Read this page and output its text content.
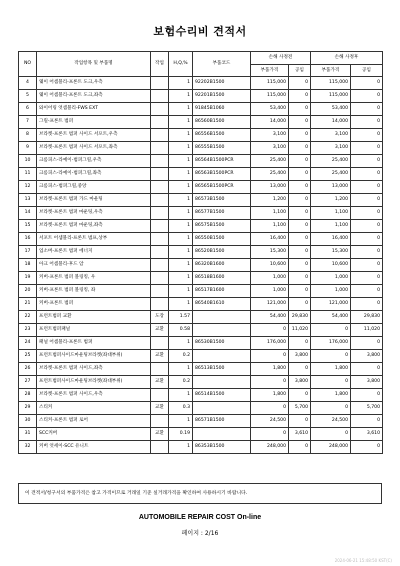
보험수리비 견적서
NO	작업항목 및 부품명	작업	H,Q,%	부품코드	손해 사정전		손해 사정후	
					부품가격	공임	부품가격	공임
4	웨이 어셈블리-프론트 도크,우측		1	92202B1500	115,000	0	115,000	0
5	웨이 어셈블리-프론트 도크,좌측		1	92201B1500	115,000	0	115,000	0
6	와이어링 엇셈블리-FWS EXT		1	91845B1060	53,400	0	53,400	0
7	그릴-프론트 범퍼		1	86560B1500	14,000	0	14,000	0
8	브라켓-프론트 범퍼 사이드 서포트,우측		1	86556B1500	3,100	0	3,100	0
9	브라켓-프론트 범퍼 사이드 서포트,좌측		1	86555B1500	3,100	0	3,100	0
10	크롬피스-라예이-범퍼그릴,우측		1	86564B1500PCR	25,400	0	25,400	0
11	크롬피스-라예이-범퍼그릴,좌측		1	86563B1500PCR	25,400	0	25,400	0
12	크롬피스-범퍼그릴,중앙		1	86565B1500PCR	13,000	0	13,000	0
13	브라켓-프론트 범퍼 가드 마운팅		1	86573B1500	1,200	0	1,200	0
14	브라켓-프론트 범퍼 마운팅,우측		1	86577B1500	1,100	0	1,100	0
15	브라켓-프론트 범퍼 마운팅,좌측		1	86575B1500	1,100	0	1,100	0
16	서포트 어셈블리-프론트 범프,상부		1	86550B1500	16,400	0	16,400	0
17	업소버-프론트 범퍼 에너지		1	86520B1500	15,300	0	15,300	0
18	아크 어셈블리-후드 암		1	86320B1600	10,600	0	10,600	0
19	커버-프론트 범퍼 볼링킹, 우		1	86518B1600	1,000	0	1,000	0
20	커버-프론트 범퍼 볼링킹, 좌		1	86517B1600	1,000	0	1,000	0
21	커버-프론트 범퍼		1	86540B1610	121,000	0	121,000	0
22	프런트범퍼 교환	도장	1.57		54,400	29,830	54,400	29,830
23	프런트범퍼패널	교환	0.58		0	11,020	0	11,020
24	패널 어셈블리-프론트 범퍼		1	86530B1500	176,000	0	176,000	0
25	프런트범퍼사이드마운팅브라켓(좌대부위)	교환	0.2		0	3,800	0	3,800
26	브라켓-프론트 범퍼 사이드,좌측		1	86513B1500	1,800	0	1,800	0
27	프런트범퍼사이드마운팅브라켓(좌대부위)	교환	0.2		0	3,800	0	3,800
28	브라켓-프론트 범퍼 사이드,우측		1	86514B1500	1,800	0	1,800	0
29	스티커	교환	0.3		0	5,700	0	5,700
30	스티커-프론트 범퍼 로어		1	86571B1500	24,500	0	24,500	0
31	SCC커버	교환	0.19		0	3,610	0	3,610
32	커버 엇세이-SCC 유니트		1	86353B1500	248,000	0	248,000	0
이 견적서/청구서의 부품가격은 참고 가격이므로 거래일 기준 실거래가격을 확인하여 사용하시기 바랍니다.
AUTOMOBILE REPAIR COST On-line
페이지 : 2/16
2024-06-21 15:48:50 KST(C)
